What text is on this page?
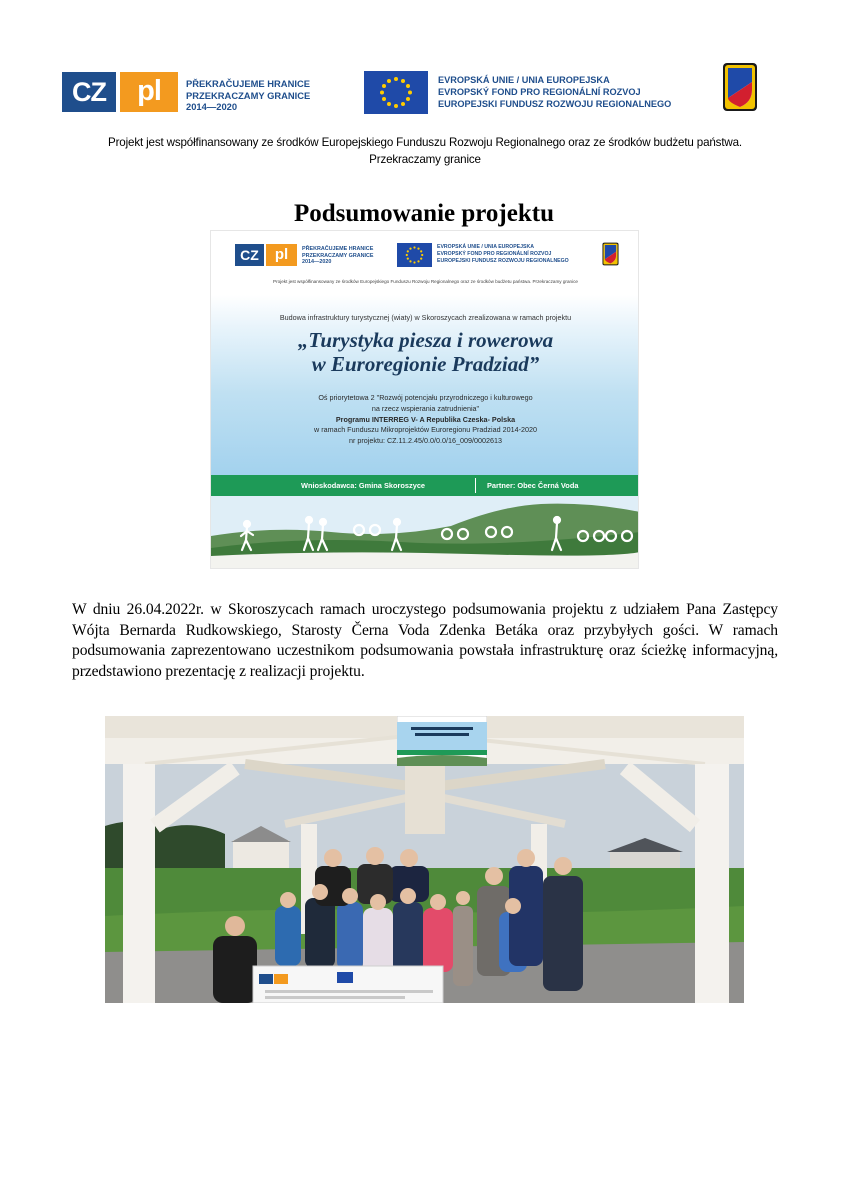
CZ	pl	PŘEKRAČUJEME HRANICE
PRZEKRACZAMY GRANICE
2014—2020
EVROPSKÁ UNIE / UNIA EUROPEJSKA
EVROPSKÝ FOND PRO REGIONÁLNÍ ROZVOJ
EUROPEJSKI FUNDUSZ ROZWOJU REGIONALNEGO
Projekt jest współfinansowany ze środków Europejskiego Funduszu Rozwoju Regionalnego oraz ze środków budżetu państwa.
Przekraczamy granice
Podsumowanie projektu
CZ	pl	PŘEKRAČUJEME HRANICE
PRZEKRACZAMY GRANICE
2014—2020
EVROPSKÁ UNIE / UNIA EUROPEJSKA
EVROPSKÝ FOND PRO REGIONÁLNÍ ROZVOJ
EUROPEJSKI FUNDUSZ ROZWOJU REGIONALNEGO
Projekt jest współfinansowany ze środków Europejskiego Funduszu Rozwoju Regionalnego oraz ze środków budżetu państwa. Przekraczamy granice
Budowa infrastruktury turystycznej (wiaty) w Skoroszycach zrealizowana w ramach projektu
„Turystyka piesza i rowerowa
w Euroregionie Pradziad”
Oś priorytetowa 2 "Rozwój potencjału przyrodniczego i kulturowego
na rzecz wspierania zatrudnienia"
Programu INTERREG V- A Republika Czeska- Polska
w ramach Funduszu Mikroprojektów Euroregionu Pradziad 2014-2020
nr projektu: CZ.11.2.45/0.0/0.0/16_009/0002613
Wnioskodawca: Gmina Skoroszyce	Partner: Obec Černá Voda
W dniu 26.04.2022r. w Skoroszycach ramach uroczystego podsumowania projektu z udziałem Pana Zastępcy Wójta Bernarda Rudkowskiego, Starosty Černa Voda Zdenka Betáka oraz przybyłych gości. W ramach podsumowania zaprezentowano uczestnikom podsumowania powstała infrastrukturę oraz ścieżkę informacyjną, przedstawiono prezentację z realizacji projektu.
